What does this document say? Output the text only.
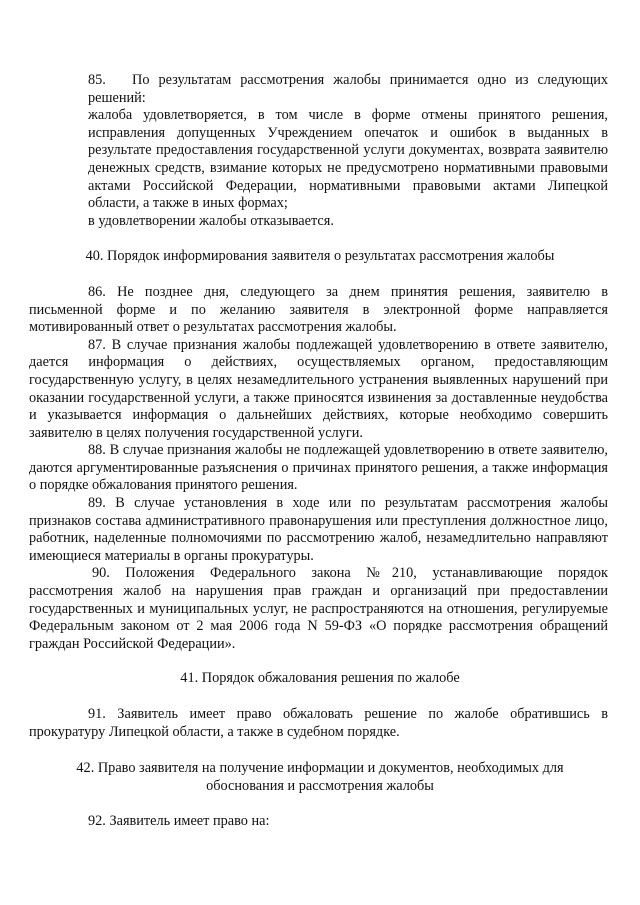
85. По результатам рассмотрения жалобы принимается одно из следующих решений:

жалоба удовлетворяется, в том числе в форме отмены принятого решения, исправления допущенных Учреждением опечаток и ошибок в выданных в результате предоставления государственной услуги документах, возврата заявителю денежных средств, взимание которых не предусмотрено нормативными правовыми актами Российской Федерации, нормативными правовыми актами Липецкой области, а также в иных формах;

в удовлетворении жалобы отказывается.

40. Порядок информирования заявителя о результатах рассмотрения жалобы

86. Не позднее дня, следующего за днем принятия решения, заявителю в письменной форме и по желанию заявителя в электронной форме направляется мотивированный ответ о результатах рассмотрения жалобы.

87. В случае признания жалобы подлежащей удовлетворению в ответе заявителю, дается информация о действиях, осуществляемых органом, предоставляющим государственную услугу, в целях незамедлительного устранения выявленных нарушений при оказании государственной услуги, а также приносятся извинения за доставленные неудобства и указывается информация о дальнейших действиях, которые необходимо совершить заявителю в целях получения государственной услуги.

88. В случае признания жалобы не подлежащей удовлетворению в ответе заявителю, даются аргументированные разъяснения о причинах принятого решения, а также информация о порядке обжалования принятого решения.

89. В случае установления в ходе или по результатам рассмотрения жалобы признаков состава административного правонарушения или преступления должностное лицо, работник, наделенные полномочиями по рассмотрению жалоб, незамедлительно направляют имеющиеся материалы в органы прокуратуры.

90. Положения Федерального закона №210, устанавливающие порядок рассмотрения жалоб на нарушения прав граждан и организаций при предоставлении государственных и муниципальных услуг, не распространяются на отношения, регулируемые Федеральным законом от 2 мая 2006 года N 59-ФЗ «О порядке рассмотрения обращений граждан Российской Федерации».

41. Порядок обжалования решения по жалобе

91. Заявитель имеет право обжаловать решение по жалобе обратившись в прокуратуру Липецкой области, а также в судебном порядке.

42. Право заявителя на получение информации и документов, необходимых для
обоснования и рассмотрения жалобы

92. Заявитель имеет право на:
